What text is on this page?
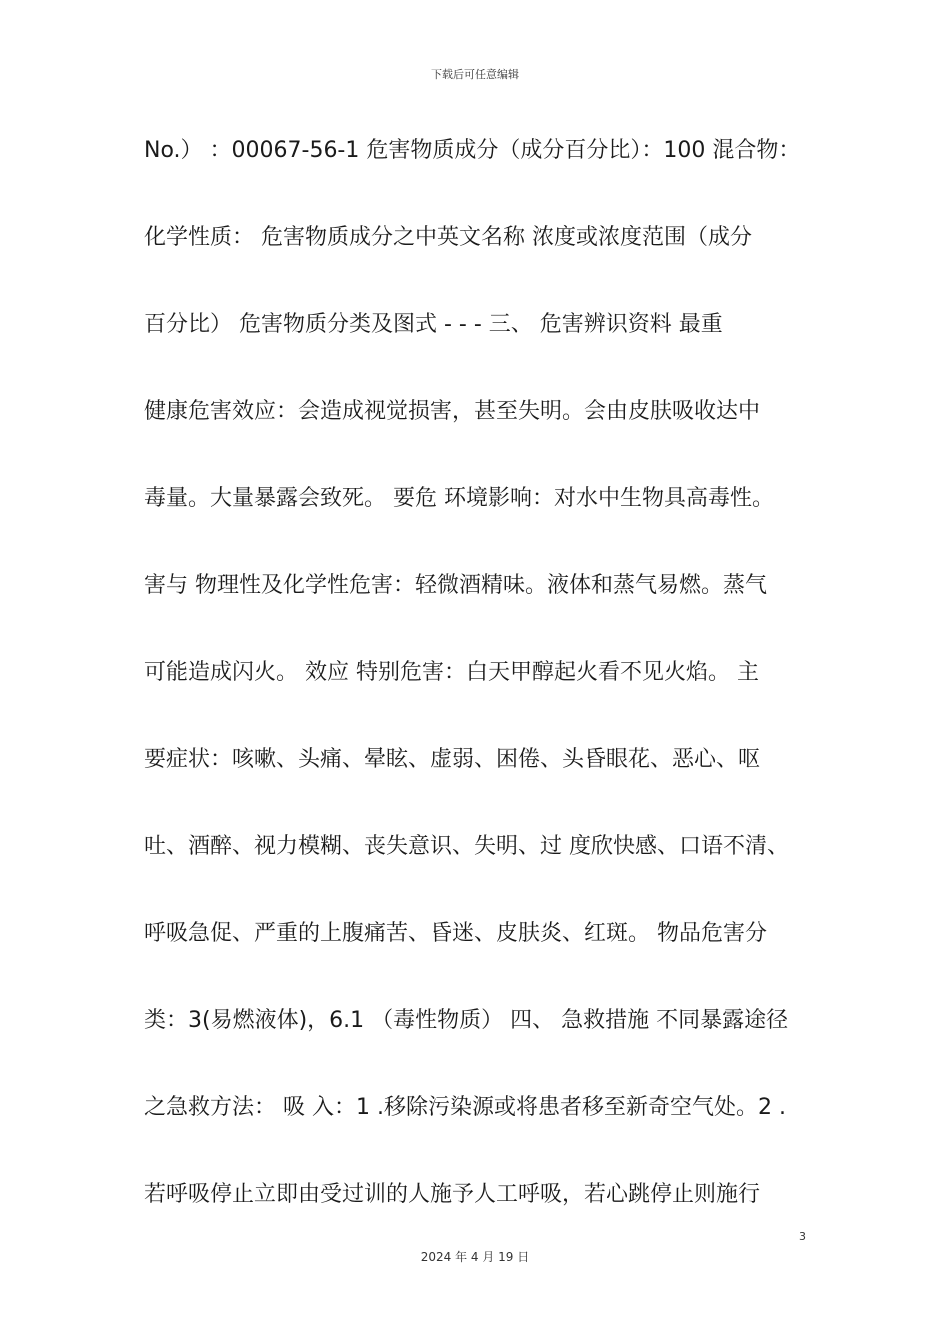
下载后可任意编辑
No.） ：00067-56-1 危害物质成分（成分百分比）：100 混合物：
化学性质： 危害物质成分之中英文名称 浓度或浓度范围（成分
百分比） 危害物质分类及图式 - - - 三、 危害辨识资料 最重
健康危害效应：会造成视觉损害，甚至失明。会由皮肤吸收达中
毒量。大量暴露会致死。 要危 环境影响：对水中生物具高毒性。
害与 物理性及化学性危害：轻微酒精味。液体和蒸气易燃。蒸气
可能造成闪火。 效应 特别危害：白天甲醇起火看不见火焰。 主
要症状：咳嗽、头痛、晕眩、虚弱、困倦、头昏眼花、恶心、呕
吐、酒醉、视力模糊、丧失意识、失明、过 度欣快感、口语不清、
呼吸急促、严重的上腹痛苦、昏迷、皮肤炎、红斑。 物品危害分
类：3(易燃液体)，6.1 （毒性物质） 四、 急救措施 不同暴露途径
之急救方法： 吸 入：1 .移除污染源或将患者移至新奇空气处。2 .
若呼吸停止立即由受过训的人施予人工呼吸，若心跳停止则施行
3
2024 年 4 月 19 日
